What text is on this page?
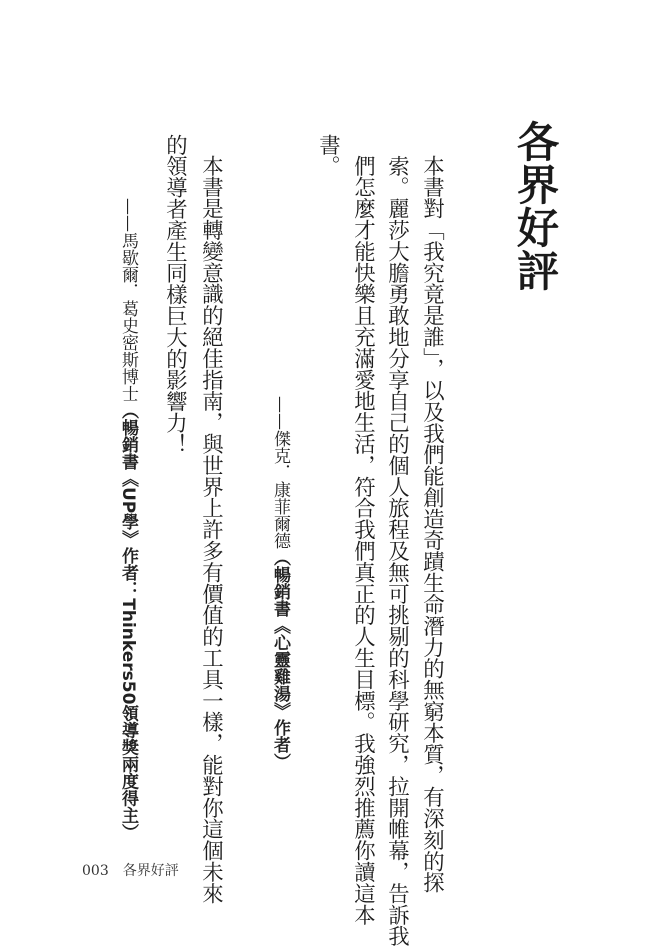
各界好評

本書對「我究竟是誰」，以及我們能創造奇蹟生命潛力的無窮本質，有深刻的探

索。麗莎大膽勇敢地分享自己的個人旅程及無可挑剔的科學研究，拉開帷幕，告訴我

們怎麼才能快樂且充滿愛地生活，符合我們真正的人生目標。我強烈推薦你讀這本

書。

——傑克．康菲爾德（暢銷書《心靈雞湯》作者）

本書是轉變意識的絕佳指南，與世界上許多有價值的工具一樣，能對你這個未來

的領導者產生同樣巨大的影響力！

——馬歇爾．葛史密斯博士（暢銷書《UP學》作者：Thinkers50領導獎兩度得主）

003 各界好評
